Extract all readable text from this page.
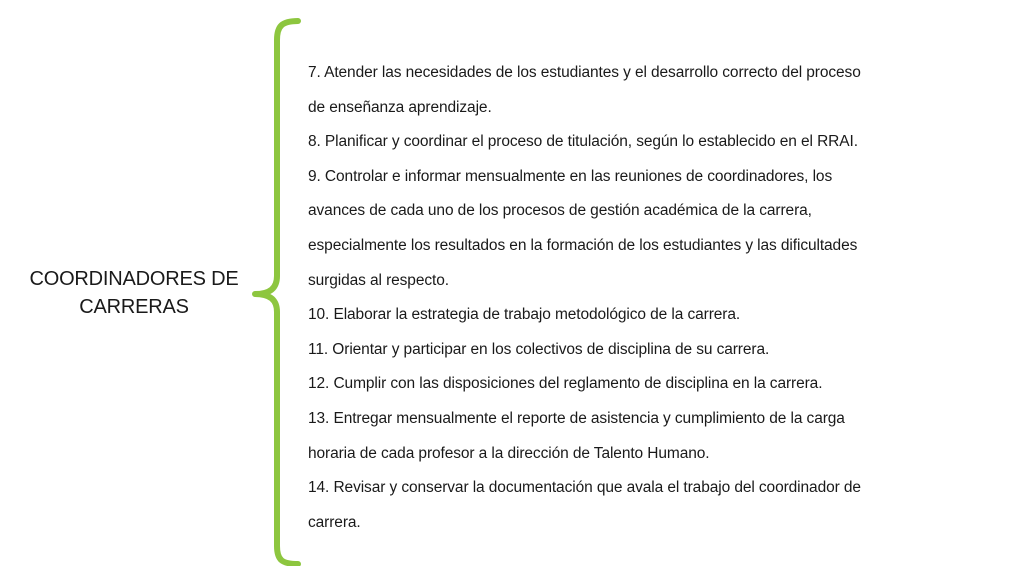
COORDINADORES DE
CARRERAS
7. Atender las necesidades de los estudiantes y el desarrollo correcto del proceso
de enseñanza aprendizaje.
8. Planificar y coordinar el proceso de titulación, según lo establecido en el RRAI.
9. Controlar e informar mensualmente en las reuniones de coordinadores, los
avances de cada uno de los procesos de gestión académica de la carrera,
especialmente los resultados en la formación de los estudiantes y las dificultades
surgidas al respecto.
10. Elaborar la estrategia de trabajo metodológico de la carrera.
11. Orientar y participar en los colectivos de disciplina de su carrera.
12. Cumplir con las disposiciones del reglamento de disciplina en la carrera.
13. Entregar mensualmente el reporte de asistencia y cumplimiento de la carga
horaria de cada profesor a la dirección de Talento Humano.
14. Revisar y conservar la documentación que avala el trabajo del coordinador de
carrera.
